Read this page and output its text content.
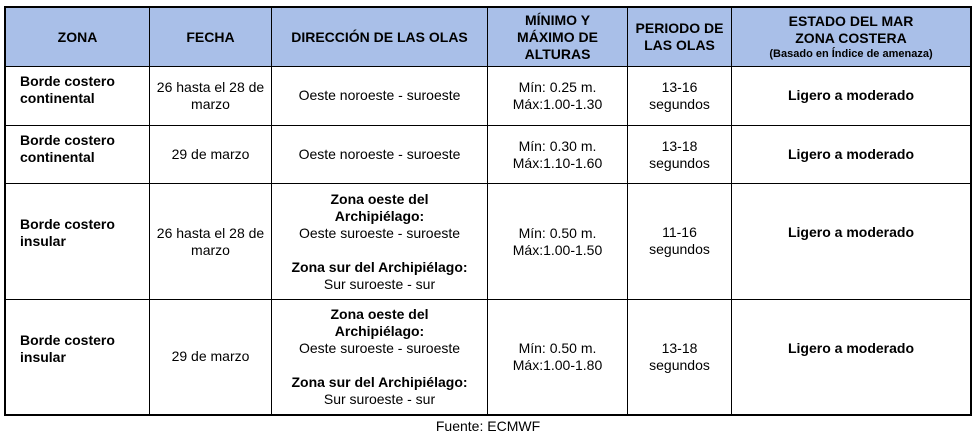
ZONA	FECHA	DIRECCIÓN DE LAS OLAS	MÍNIMO Y
MÁXIMO DE
ALTURAS	PERIODO DE
LAS OLAS	ESTADO DEL MAR
ZONA COSTERA
(Basado en Índice de amenaza)

Borde costero
continental	26 hasta el 28 de
marzo	Oeste noroeste - suroeste	Mín: 0.25 m.
Máx:1.00-1.30	13-16
segundos	Ligero a moderado

Borde costero
continental	29 de marzo	Oeste noroeste - suroeste	Mín: 0.30 m.
Máx:1.10-1.60	13-18
segundos	Ligero a moderado

Borde costero
insular	26 hasta el 28 de
marzo	Zona oeste del
Archipiélago:
Oeste suroeste - suroeste
Zona sur del Archipiélago:
Sur suroeste - sur	Mín: 0.50 m.
Máx:1.00-1.50	11-16
segundos	Ligero a moderado

Borde costero
insular	29 de marzo	Zona oeste del
Archipiélago:
Oeste suroeste - suroeste
Zona sur del Archipiélago:
Sur suroeste - sur	Mín: 0.50 m.
Máx:1.00-1.80	13-18
segundos	Ligero a moderado
Fuente: ECMWF
